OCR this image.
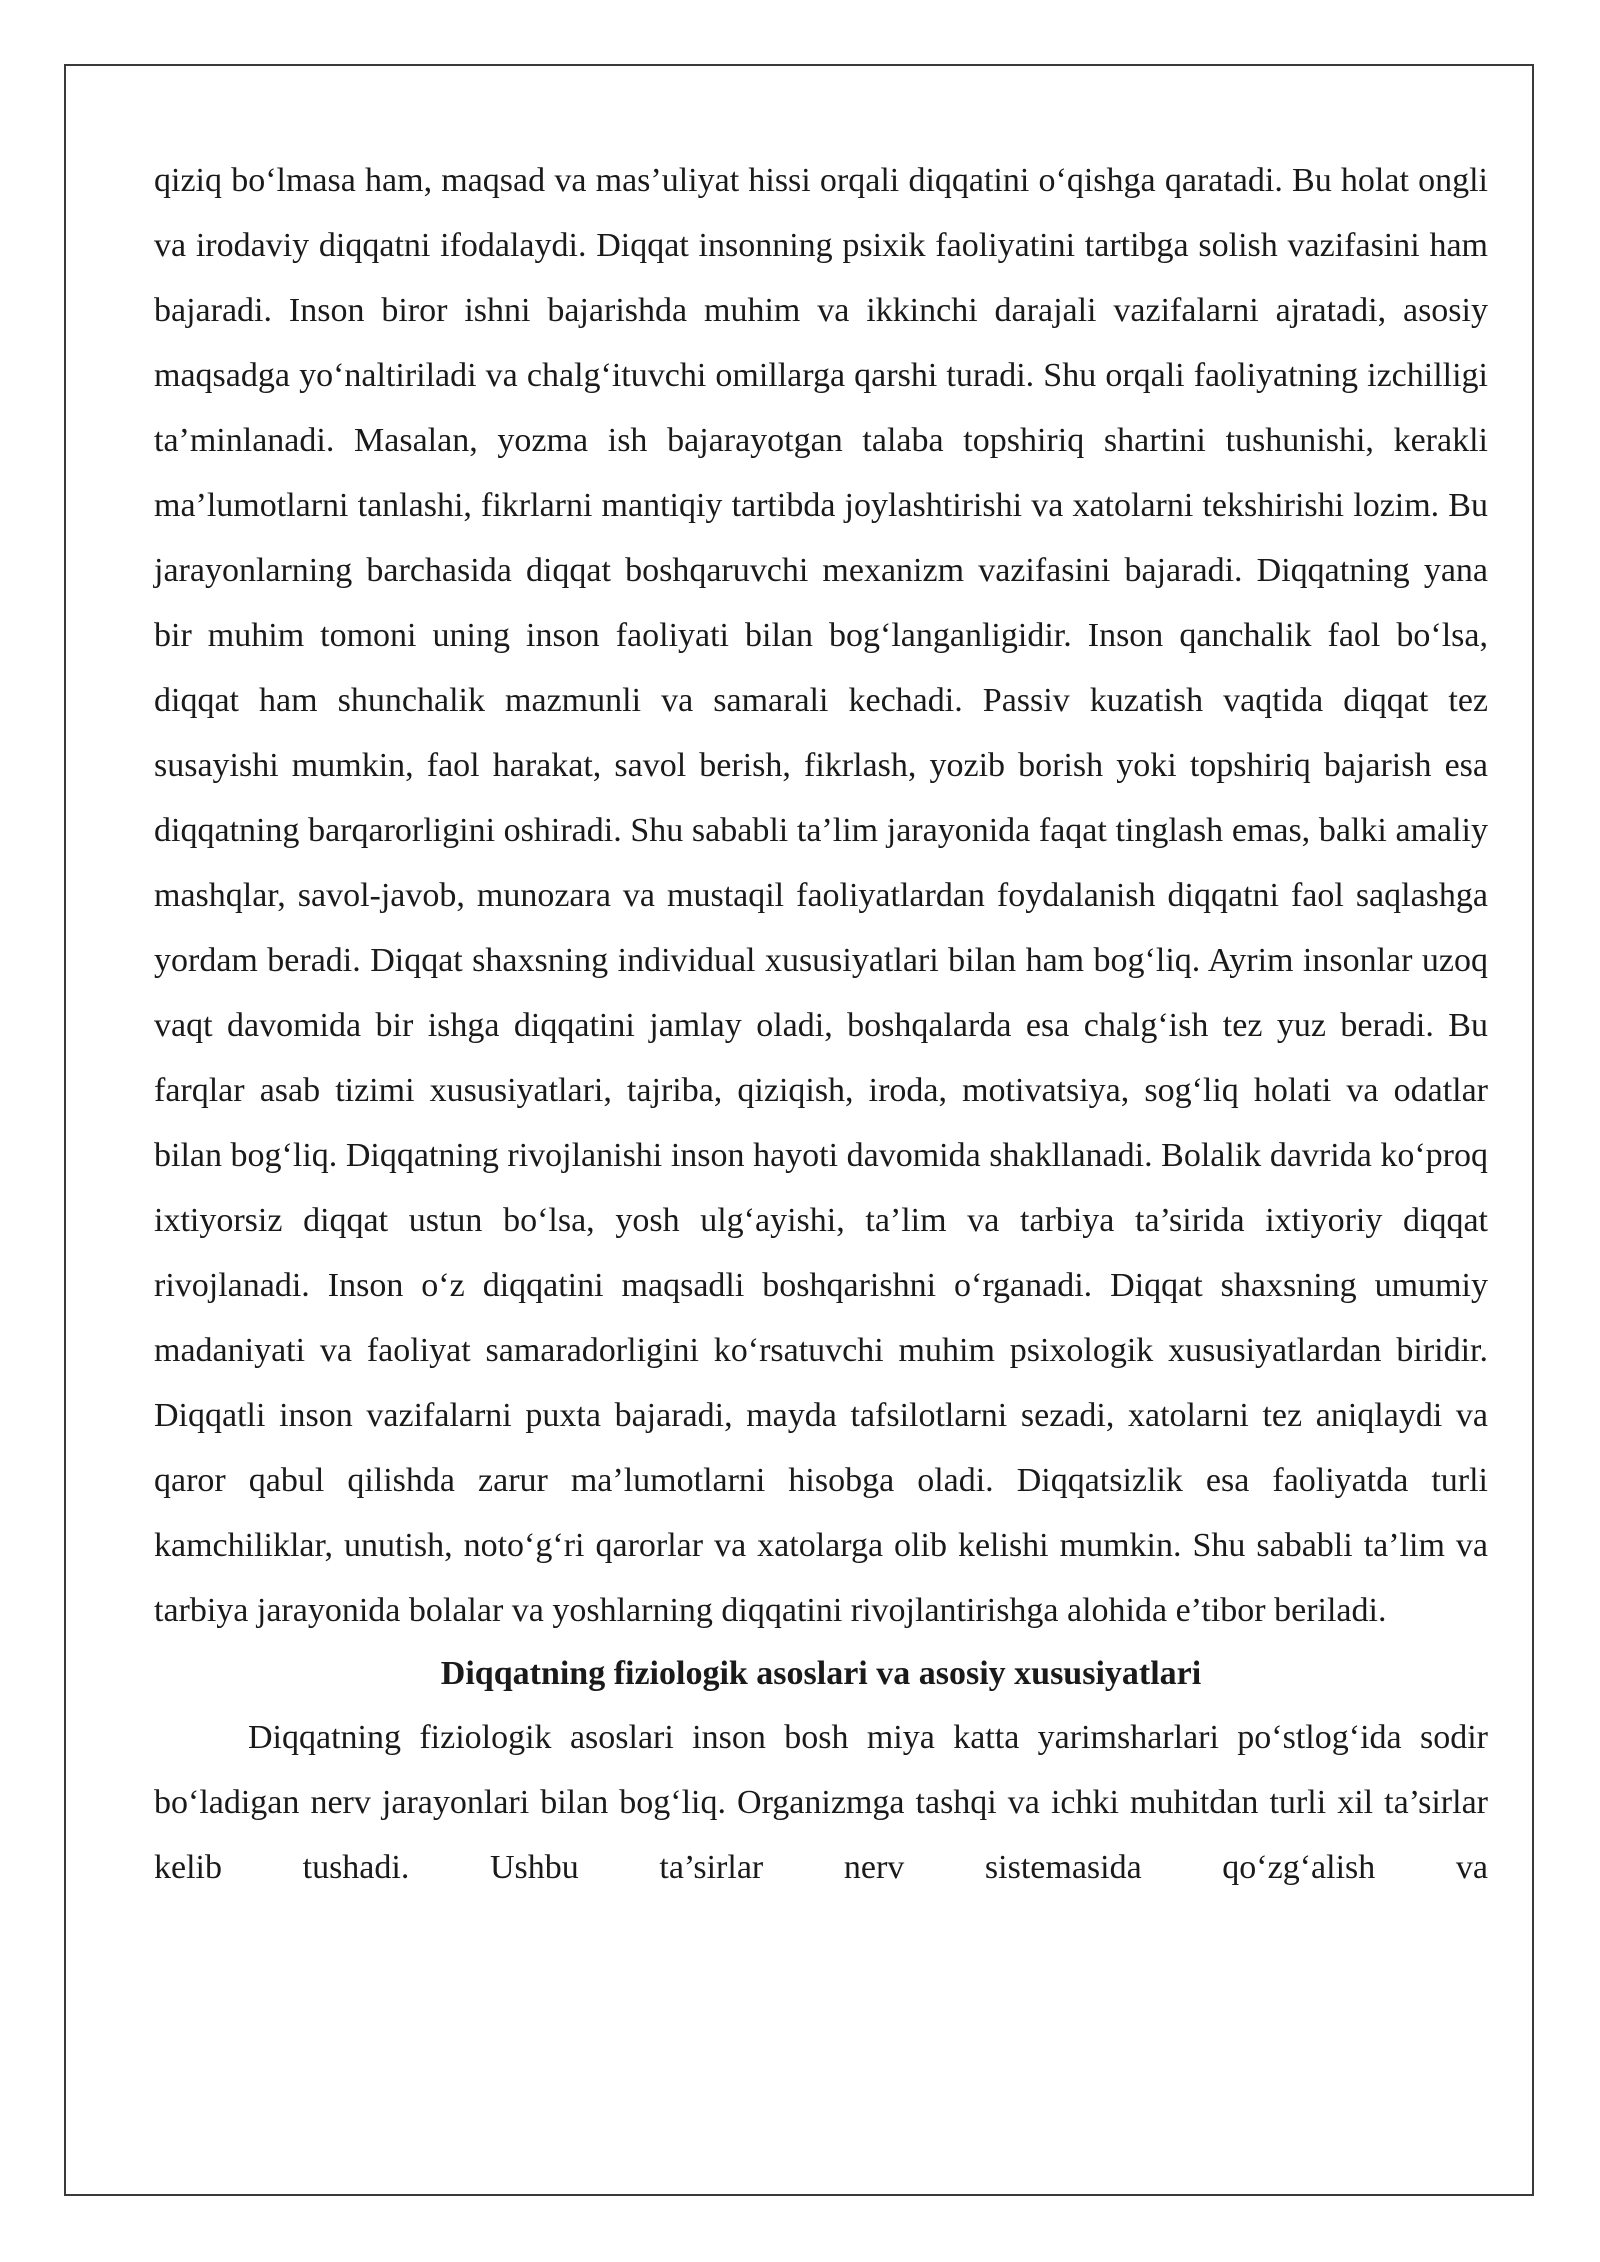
qiziq bo‘lmasa ham, maqsad va mas’uliyat hissi orqali diqqatini o‘qishga qaratadi. Bu holat ongli va irodaviy diqqatni ifodalaydi. Diqqat insonning psixik faoliyatini tartibga solish vazifasini ham bajaradi. Inson biror ishni bajarishda muhim va ikkinchi darajali vazifalarni ajratadi, asosiy maqsadga yo‘naltiriladi va chalg‘ituvchi omillarga qarshi turadi. Shu orqali faoliyatning izchilligi ta’minlanadi. Masalan, yozma ish bajarayotgan talaba topshiriq shartini tushunishi, kerakli ma’lumotlarni tanlashi, fikrlarni mantiqiy tartibda joylashtirishi va xatolarni tekshirishi lozim. Bu jarayonlarning barchasida diqqat boshqaruvchi mexanizm vazifasini bajaradi. Diqqatning yana bir muhim tomoni uning inson faoliyati bilan bog‘langanligidir. Inson qanchalik faol bo‘lsa, diqqat ham shunchalik mazmunli va samarali kechadi. Passiv kuzatish vaqtida diqqat tez susayishi mumkin, faol harakat, savol berish, fikrlash, yozib borish yoki topshiriq bajarish esa diqqatning barqarorligini oshiradi. Shu sababli ta’lim jarayonida faqat tinglash emas, balki amaliy mashqlar, savol-javob, munozara va mustaqil faoliyatlardan foydalanish diqqatni faol saqlashga yordam beradi. Diqqat shaxsning individual xususiyatlari bilan ham bog‘liq. Ayrim insonlar uzoq vaqt davomida bir ishga diqqatini jamlay oladi, boshqalarda esa chalg‘ish tez yuz beradi. Bu farqlar asab tizimi xususiyatlari, tajriba, qiziqish, iroda, motivatsiya, sog‘liq holati va odatlar bilan bog‘liq. Diqqatning rivojlanishi inson hayoti davomida shakllanadi. Bolalik davrida ko‘proq ixtiyorsiz diqqat ustun bo‘lsa, yosh ulg‘ayishi, ta’lim va tarbiya ta’sirida ixtiyoriy diqqat rivojlanadi. Inson o‘z diqqatini maqsadli boshqarishni o‘rganadi. Diqqat shaxsning umumiy madaniyati va faoliyat samaradorligini ko‘rsatuvchi muhim psixologik xususiyatlardan biridir. Diqqatli inson vazifalarni puxta bajaradi, mayda tafsilotlarni sezadi, xatolarni tez aniqlaydi va qaror qabul qilishda zarur ma’lumotlarni hisobga oladi. Diqqatsizlik esa faoliyatda turli kamchiliklar, unutish, noto‘g‘ri qarorlar va xatolarga olib kelishi mumkin. Shu sababli ta’lim va tarbiya jarayonida bolalar va yoshlarning diqqatini rivojlantirishga alohida e’tibor beriladi.

Diqqatning fiziologik asoslari va asosiy xususiyatlari

Diqqatning fiziologik asoslari inson bosh miya katta yarimsharlari po‘stlog‘ida sodir bo‘ladigan nerv jarayonlari bilan bog‘liq. Organizmga tashqi va ichki muhitdan turli xil ta’sirlar kelib tushadi. Ushbu ta’sirlar nerv sistemasida qo‘zg‘alish va
